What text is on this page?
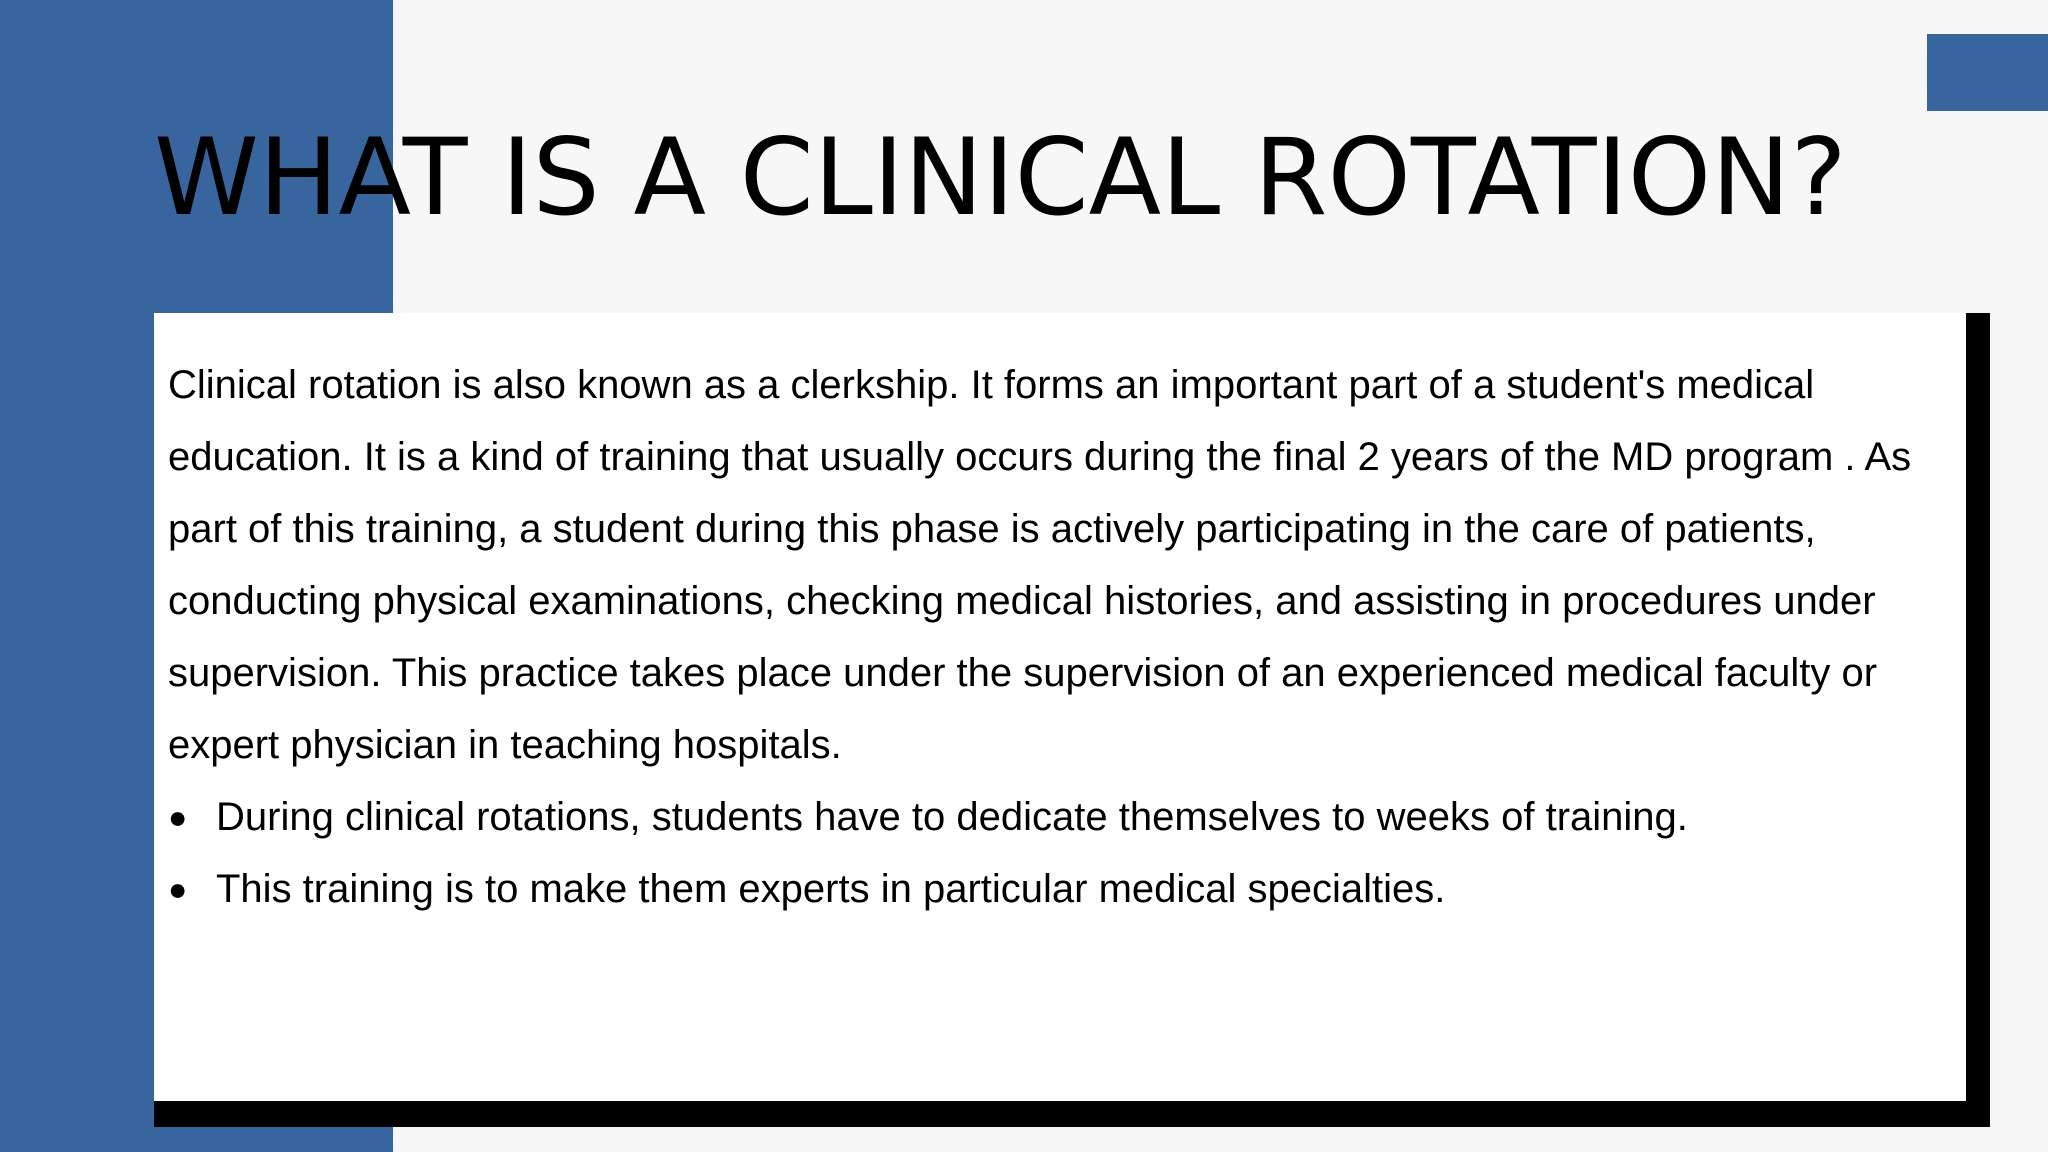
WHAT IS A CLINICAL ROTATION?

Clinical rotation is also known as a clerkship. It forms an important part of a student's medical education. It is a kind of training that usually occurs during the final 2 years of the MD program . As part of this training, a student during this phase is actively participating in the care of patients, conducting physical examinations, checking medical histories, and assisting in procedures under supervision. This practice takes place under the supervision of an experienced medical faculty or expert physician in teaching hospitals.

● During clinical rotations, students have to dedicate themselves to weeks of training.
● This training is to make them experts in particular medical specialties.
